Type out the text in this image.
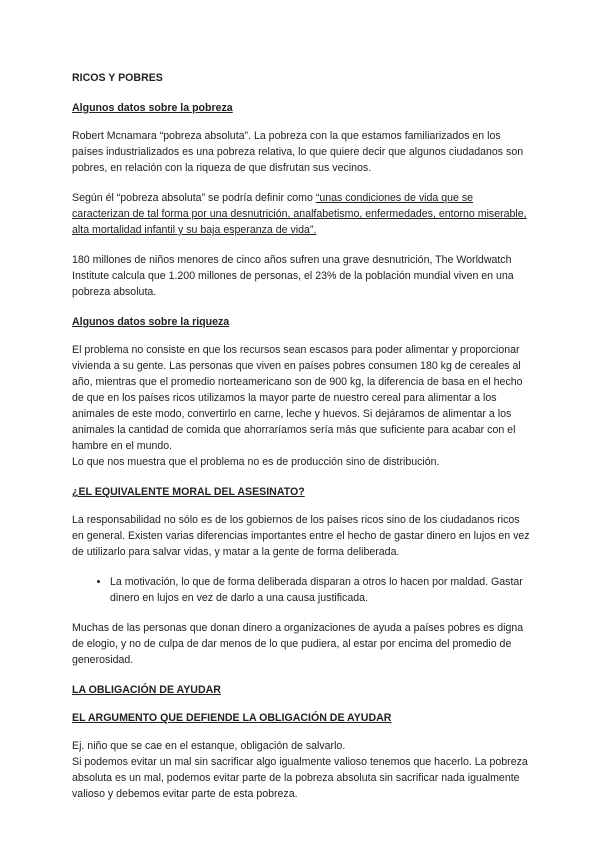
RICOS Y POBRES
Algunos datos sobre la pobreza

Robert Mcnamara “pobreza absoluta”. La pobreza con la que estamos familiarizados en los países industrializados es una pobreza relativa, lo que quiere decir que algunos ciudadanos son pobres, en relación con la riqueza de que disfrutan sus vecinos.

Según él “pobreza absoluta” se podría definir como “unas condiciones de vida que se caracterizan de tal forma por una desnutrición, analfabetismo, enfermedades, entorno miserable, alta mortalidad infantil y su baja esperanza de vida”.

180 millones de niños menores de cinco años sufren una grave desnutrición, The Worldwatch Institute calcula que 1.200 millones de personas, el 23% de la población mundial viven en una pobreza absoluta.

Algunos datos sobre la riqueza

El problema no consiste en que los recursos sean escasos para poder alimentar y proporcionar vivienda a su gente. Las personas que viven en países pobres consumen 180 kg de cereales al año, mientras que el promedio norteamericano son de 900 kg, la diferencia de basa en el hecho de que en los países ricos utilizamos la mayor parte de nuestro cereal para alimentar a los animales de este modo, convertirlo en carne, leche y huevos. Si dejáramos de alimentar a los animales la cantidad de comida que ahorraríamos sería más que suficiente para acabar con el hambre en el mundo.
Lo que nos muestra que el problema no es de producción sino de distribución.

¿EL EQUIVALENTE MORAL DEL ASESINATO?

La responsabilidad no sólo es de los gobiernos de los países ricos sino de los ciudadanos ricos en general. Existen varias diferencias importantes entre el hecho de gastar dinero en lujos en vez de utilizarlo para salvar vidas, y matar a la gente de forma deliberada.

• La motivación, lo que de forma deliberada disparan a otros lo hacen por maldad. Gastar dinero en lujos en vez de darlo a una causa justificada.

Muchas de las personas que donan dinero a organizaciones de ayuda a países pobres es digna de elogio, y no de culpa de dar menos de lo que pudiera, al estar por encima del promedio de generosidad.

LA OBLIGACIÓN DE AYUDAR
EL ARGUMENTO QUE DEFIENDE LA OBLIGACIÓN DE AYUDAR

Ej. niño que se cae en el estanque, obligación de salvarlo.
Si podemos evitar un mal sin sacrificar algo igualmente valioso tenemos que hacerlo. La pobreza absoluta es un mal, podemos evitar parte de la pobreza absoluta sin sacrificar nada igualmente valioso y debemos evitar parte de esta pobreza.
